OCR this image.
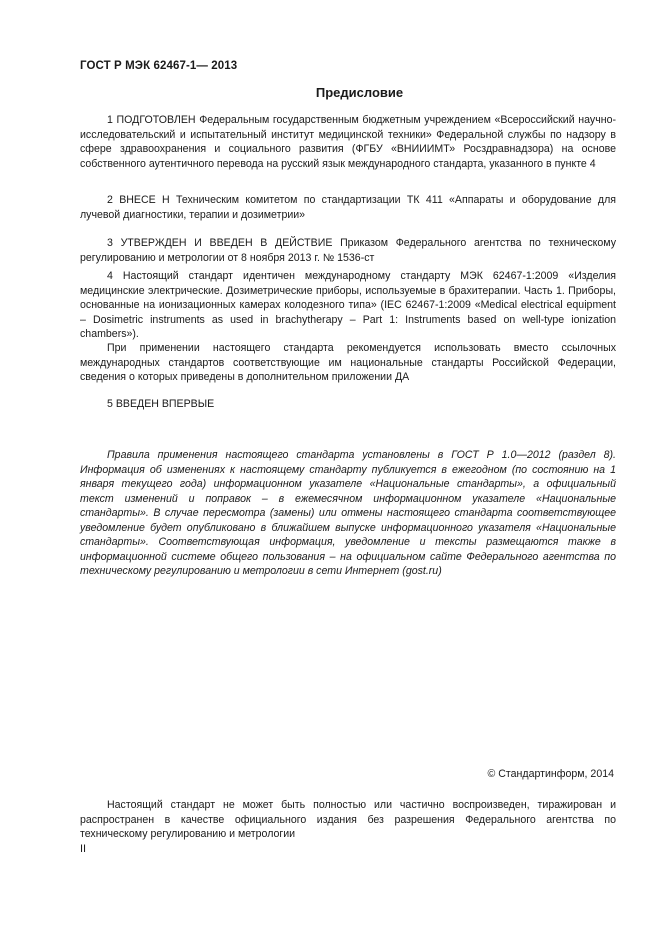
ГОСТ Р МЭК 62467-1— 2013
Предисловие

1 ПОДГОТОВЛЕН Федеральным государственным бюджетным учреждением «Всероссийский научно-исследовательский и испытательный институт медицинской техники» Федеральной службы по надзору в сфере здравоохранения и социального развития (ФГБУ «ВНИИИМТ» Росздравнадзора) на основе собственного аутентичного перевода на русский язык международного стандарта, указанного в пункте 4

2 ВНЕСЕ Н Техническим комитетом по стандартизации ТК 411 «Аппараты и оборудование для лучевой диагностики, терапии и дозиметрии»

3 УТВЕРЖДЕН И ВВЕДЕН В ДЕЙСТВИЕ Приказом Федерального агентства по техническому регулированию и метрологии от 8 ноября 2013 г. № 1536-ст

4 Настоящий стандарт идентичен международному стандарту МЭК 62467-1:2009 «Изделия медицинские электрические. Дозиметрические приборы, используемые в брахитерапии. Часть 1. Приборы, основанные на ионизационных камерах колодезного типа» (IEC 62467-1:2009 «Medical electrical equipment – Dosimetric instruments as used in brachytherapy – Part 1: Instruments based on well-type ionization chambers»).

При применении настоящего стандарта рекомендуется использовать вместо ссылочных международных стандартов соответствующие им национальные стандарты Российской Федерации, сведения о которых приведены в дополнительном приложении ДА

5 ВВЕДЕН ВПЕРВЫЕ

Правила применения настоящего стандарта установлены в ГОСТ Р 1.0—2012 (раздел 8). Информация об изменениях к настоящему стандарту публикуется в ежегодном (по состоянию на 1 января текущего года) информационном указателе «Национальные стандарты», а официальный текст изменений и поправок – в ежемесячном информационном указателе «Национальные стандарты». В случае пересмотра (замены) или отмены настоящего стандарта соответствующее уведомление будет опубликовано в ближайшем выпуске информационного указателя «Национальные стандарты». Соответствующая информация, уведомление и тексты размещаются также в информационной системе общего пользования – на официальном сайте Федерального агентства по техническому регулированию и метрологии в сети Интернет (gost.ru)

© Стандартинформ, 2014

Настоящий стандарт не может быть полностью или частично воспроизведен, тиражирован и распространен в качестве официального издания без разрешения Федерального агентства по техническому регулированию и метрологии

II
